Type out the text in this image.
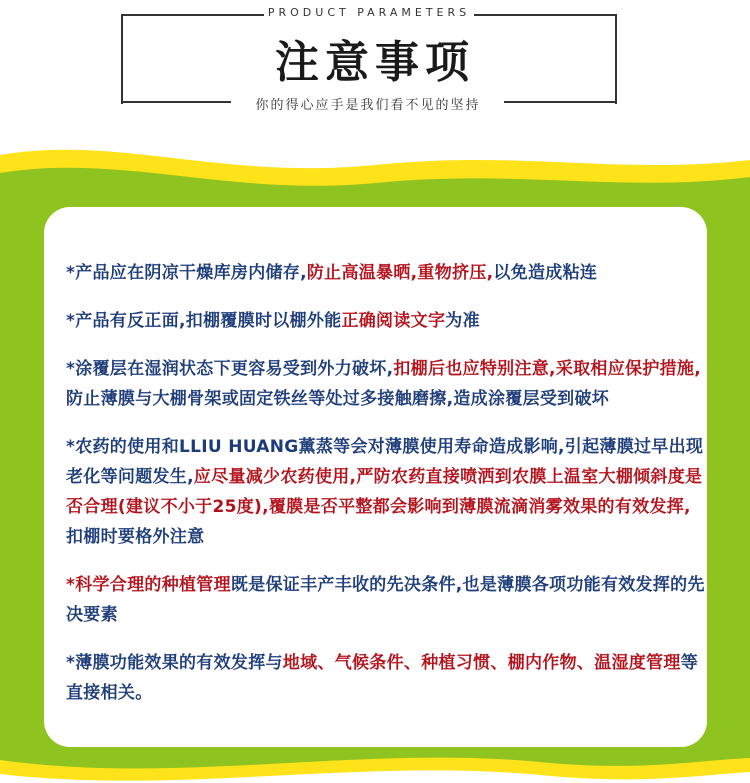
PRODUCT PARAMETERS
注意事项
你的得心应手是我们看不见的坚持
*产品应在阴凉干燥库房内储存,防止高温暴晒,重物挤压,以免造成粘连
*产品有反正面,扣棚覆膜时以棚外能正确阅读文字为准
*涂覆层在湿润状态下更容易受到外力破坏,扣棚后也应特别注意,采取相应保护措施,防止薄膜与大棚骨架或固定铁丝等处过多接触磨擦,造成涂覆层受到破坏
*农药的使用和LLIU HUANG薰蒸等会对薄膜使用寿命造成影响,引起薄膜过早出现老化等问题发生,应尽量减少农药使用,严防农药直接喷洒到农膜上温室大棚倾斜度是否合理(建议不小于25度),覆膜是否平整都会影响到薄膜流滴消雾效果的有效发挥,扣棚时要格外注意
*科学合理的种植管理既是保证丰产丰收的先决条件,也是薄膜各项功能有效发挥的先决要素
*薄膜功能效果的有效发挥与地域、气候条件、种植习惯、棚内作物、温湿度管理等直接相关。
